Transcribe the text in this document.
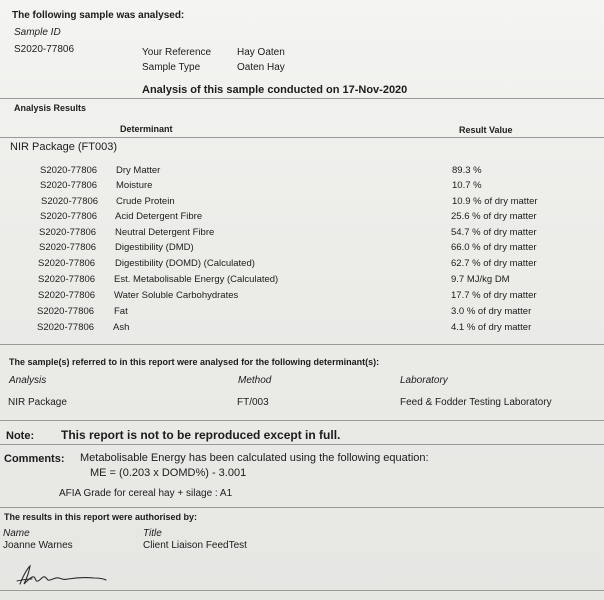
The following sample was analysed:
Sample ID
S2020-77806	Your Reference	Hay Oaten
Sample Type	Oaten Hay
Analysis of this sample conducted on 17-Nov-2020
Analysis Results
Determinant	Result Value
NIR Package (FT003)
S2020-77806 Dry Matter	89.3 %
S2020-77806 Moisture	10.7 %
S2020-77806 Crude Protein	10.9 % of dry matter
S2020-77806 Acid Detergent Fibre	25.6 % of dry matter
S2020-77806 Neutral Detergent Fibre	54.7 % of dry matter
S2020-77806 Digestibility (DMD)	66.0 % of dry matter
S2020-77806 Digestibility (DOMD) (Calculated)	62.7 % of dry matter
S2020-77806 Est. Metabolisable Energy (Calculated)	9.7 MJ/kg DM
S2020-77806 Water Soluble Carbohydrates	17.7 % of dry matter
S2020-77806 Fat	3.0 % of dry matter
S2020-77806 Ash	4.1 % of dry matter
The sample(s) referred to in this report were analysed for the following determinant(s):
Analysis	Method	Laboratory
NIR Package	FT/003	Feed & Fodder Testing Laboratory
Note: This report is not to be reproduced except in full.
Comments: Metabolisable Energy has been calculated using the following equation:
ME = (0.203 x DOMD%) - 3.001
AFIA Grade for cereal hay + silage : A1
The results in this report were authorised by:
Name	Title
Joanne Warnes	Client Liaison FeedTest
